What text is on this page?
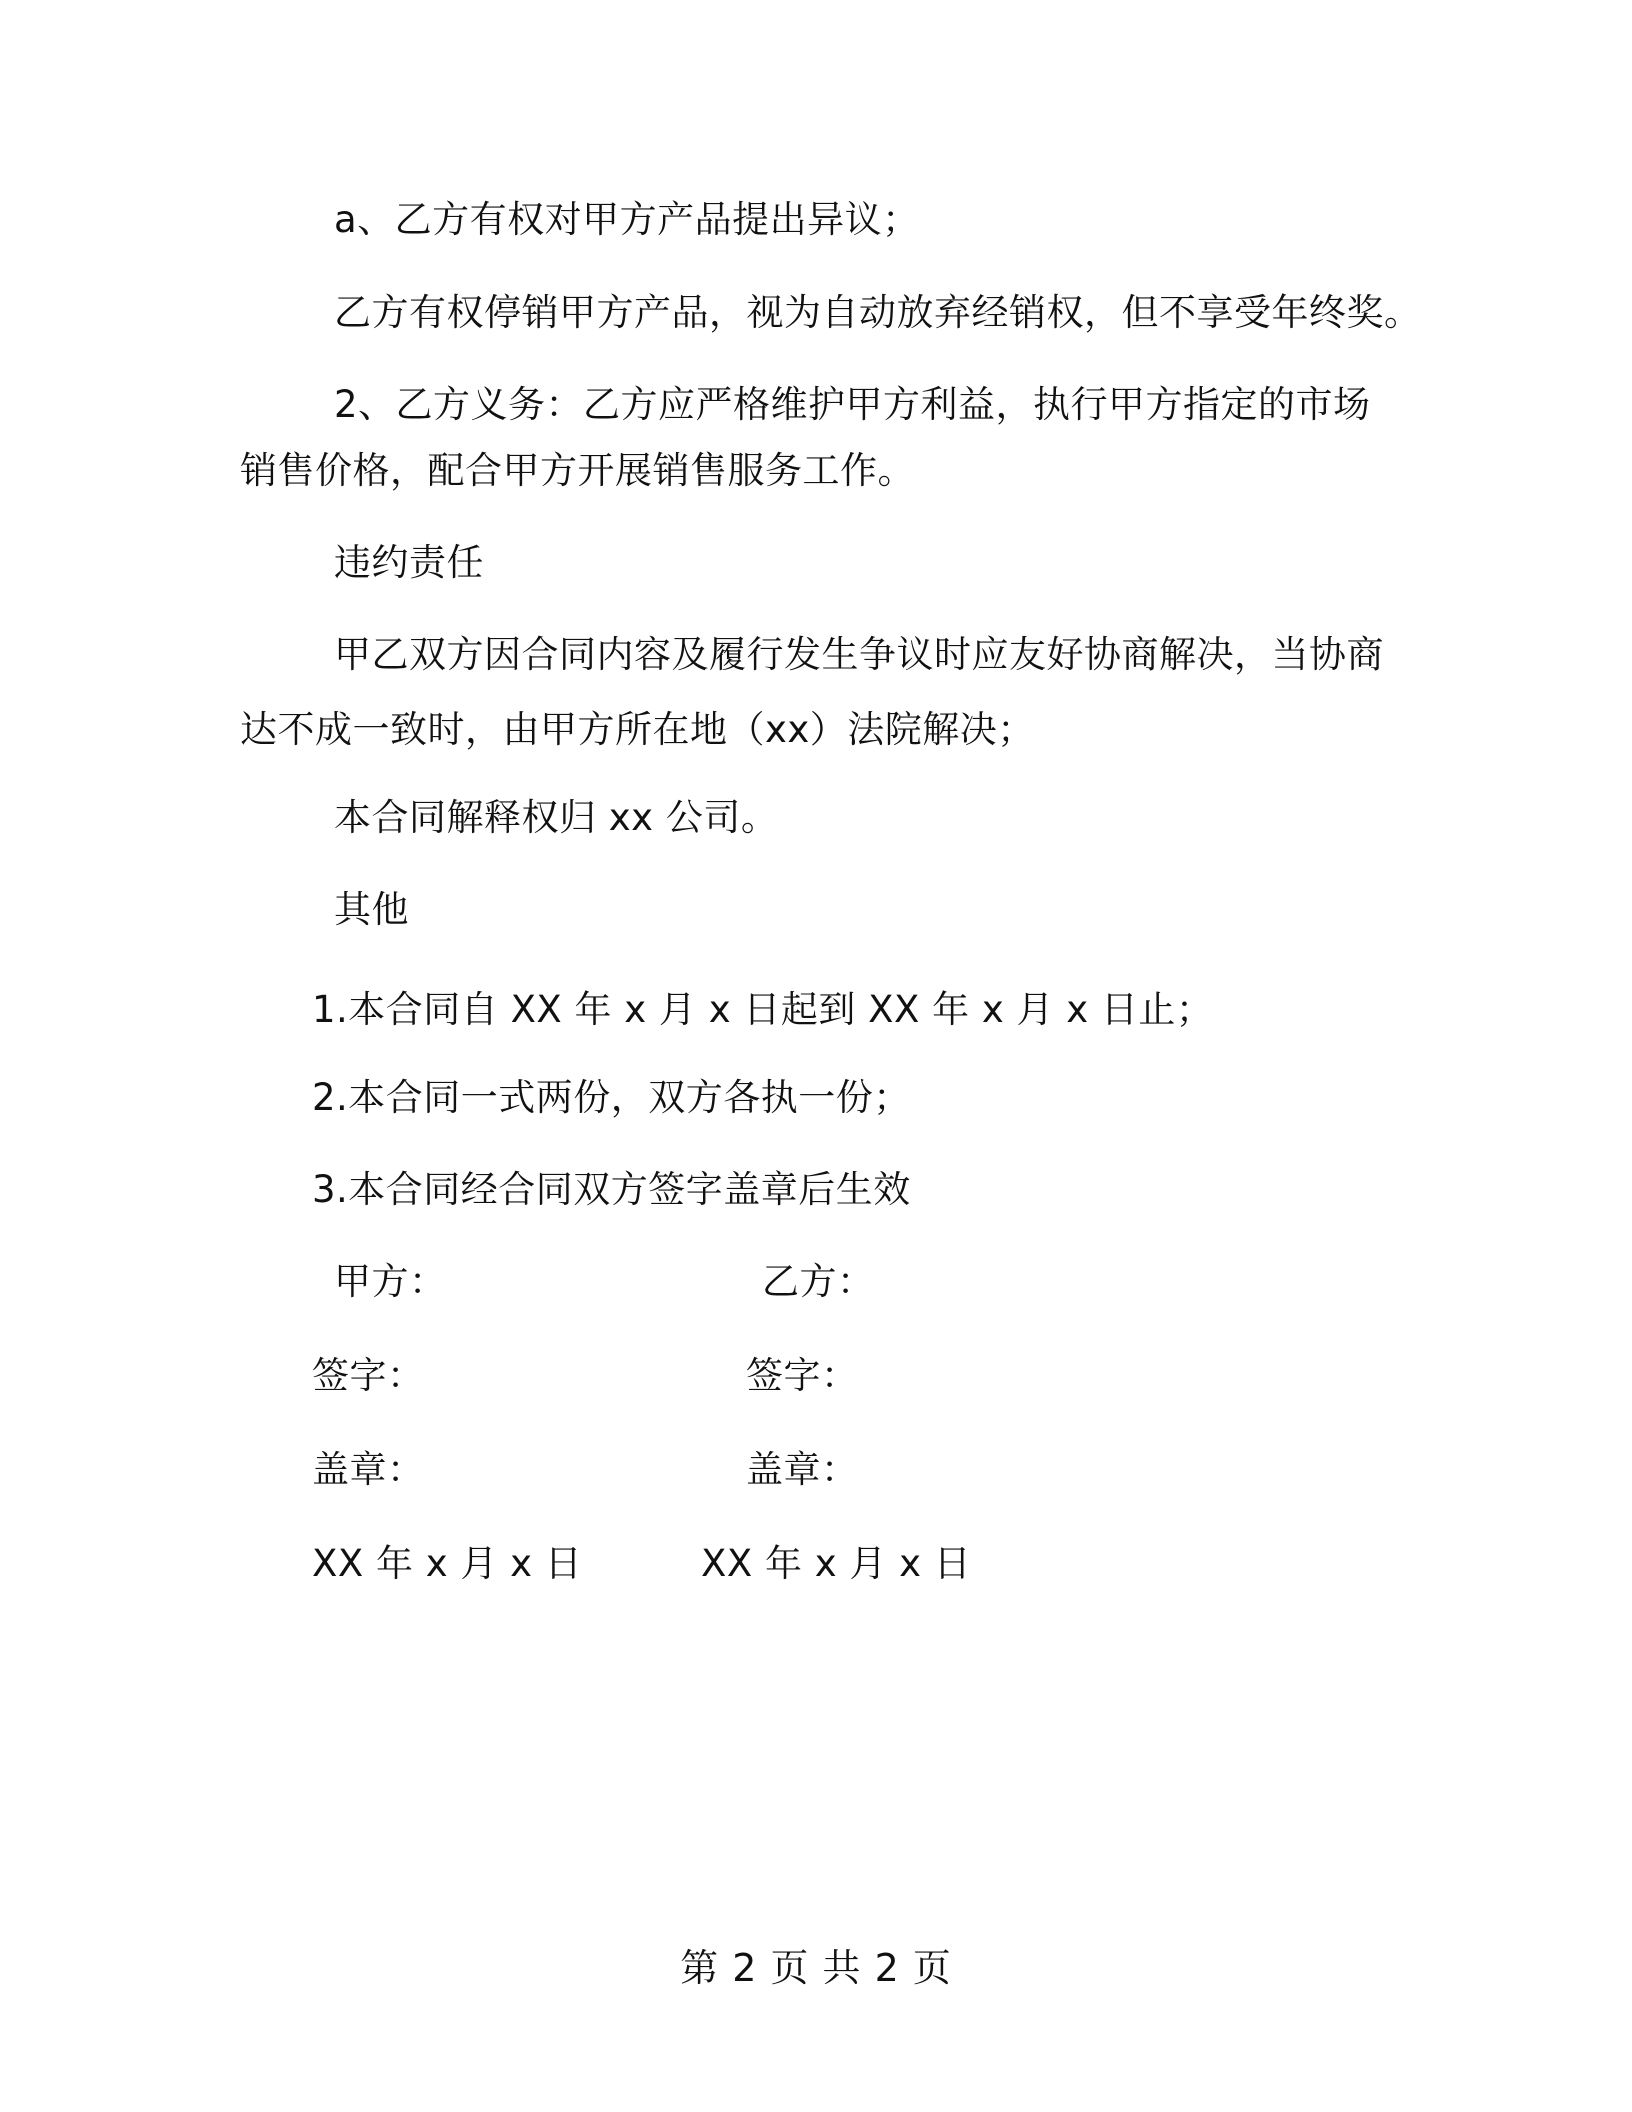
a、乙方有权对甲方产品提出异议；
乙方有权停销甲方产品，视为自动放弃经销权，但不享受年终奖。
2、乙方义务：乙方应严格维护甲方利益，执行甲方指定的市场
销售价格，配合甲方开展销售服务工作。
违约责任
甲乙双方因合同内容及履行发生争议时应友好协商解决，当协商
达不成一致时，由甲方所在地（xx）法院解决；
本合同解释权归 xx 公司。
其他
1.本合同自 XX 年 x 月 x 日起到 XX 年 x 月 x 日止；
2.本合同一式两份，双方各执一份；
3.本合同经合同双方签字盖章后生效
甲方：	乙方：
签字：	签字：
盖章：	盖章：
XX 年 x 月 x 日	XX 年 x 月 x 日
第 2 页 共 2 页
